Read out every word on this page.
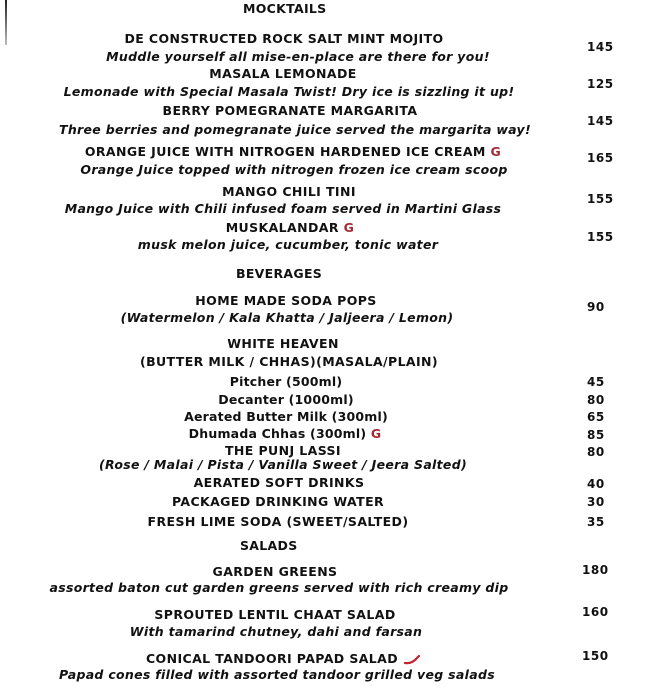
MOCKTAILS
DE CONSTRUCTED ROCK SALT MINT MOJITO
Muddle yourself all mise-en-place are there for you!
145
MASALA LEMONADE
Lemonade with Special Masala Twist! Dry ice is sizzling it up!	125
BERRY POMEGRANATE MARGARITA
Three berries and pomegranate juice served the margarita way!
145
ORANGE JUICE WITH NITROGEN HARDENED ICE CREAM G
Orange Juice topped with nitrogen frozen ice cream scoop
165
MANGO CHILI TINI
Mango Juice with Chili infused foam served in Martini Glass
155
MUSKALANDAR G
musk melon juice, cucumber, tonic water	155
BEVERAGES
HOME MADE SODA POPS
(Watermelon / Kala Khatta / Jaljeera / Lemon)
90
WHITE HEAVEN
(BUTTER MILK / CHHAS)(MASALA/PLAIN)
Pitcher (500ml)	45
Decanter (1000ml)	80
Aerated Butter Milk (300ml)	65
Dhumada Chhas (300ml) G	85
THE PUNJ LASSI
(Rose / Malai / Pista / Vanilla Sweet / Jeera Salted)
80
AERATED SOFT DRINKS	40
PACKAGED DRINKING WATER	30
FRESH LIME SODA (SWEET/SALTED)	35
SALADS
GARDEN GREENS
assorted baton cut garden greens served with rich creamy dip
180
SPROUTED LENTIL CHAAT SALAD
With tamarind chutney, dahi and farsan
160
CONICAL TANDOORI PAPAD SALAD
Papad cones filled with assorted tandoor grilled veg salads
150
